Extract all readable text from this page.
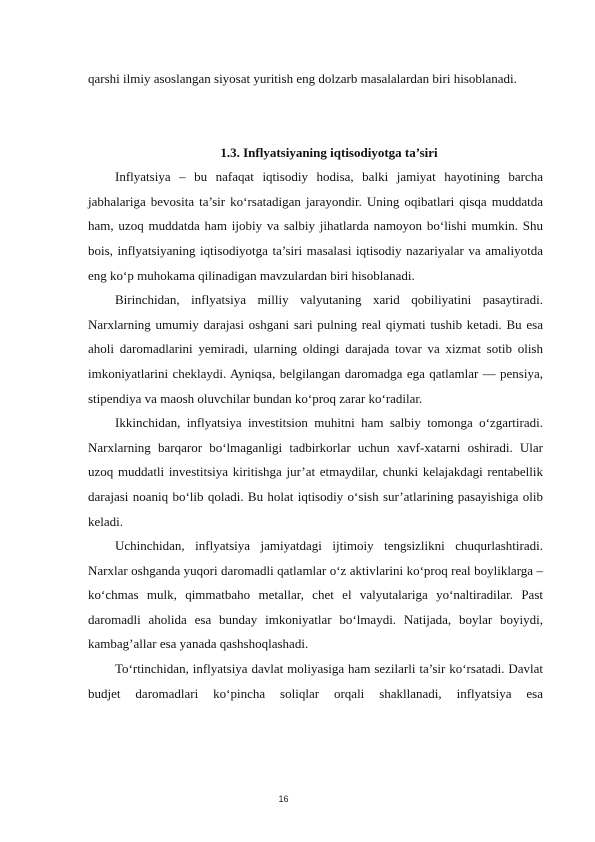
qarshi ilmiy asoslangan siyosat yuritish eng dolzarb masalalardan biri hisoblanadi.

1.3. Inflyatsiyaning iqtisodiyotga ta’siri

Inflyatsiya – bu nafaqat iqtisodiy hodisa, balki jamiyat hayotining barcha jabhalariga bevosita ta’sir ko‘rsatadigan jarayondir. Uning oqibatlari qisqa muddatda ham, uzoq muddatda ham ijobiy va salbiy jihatlarda namoyon bo‘lishi mumkin. Shu bois, inflyatsiyaning iqtisodiyotga ta’siri masalasi iqtisodiy nazariyalar va amaliyotda eng ko‘p muhokama qilinadigan mavzulardan biri hisoblanadi.

Birinchidan, inflyatsiya milliy valyutaning xarid qobiliyatini pasaytiradi. Narxlarning umumiy darajasi oshgani sari pulning real qiymati tushib ketadi. Bu esa aholi daromadlarini yemiradi, ularning oldingi darajada tovar va xizmat sotib olish imkoniyatlarini cheklaydi. Ayniqsa, belgilangan daromadga ega qatlamlar — pensiya, stipendiya va maosh oluvchilar bundan ko‘proq zarar ko‘radilar.

Ikkinchidan, inflyatsiya investitsion muhitni ham salbiy tomonga o‘zgartiradi. Narxlarning barqaror bo‘lmaganligi tadbirkorlar uchun xavf-xatarni oshiradi. Ular uzoq muddatli investitsiya kiritishga jur’at etmaydilar, chunki kelajakdagi rentabellik darajasi noaniq bo‘lib qoladi. Bu holat iqtisodiy o‘sish sur’atlarining pasayishiga olib keladi.

Uchinchidan, inflyatsiya jamiyatdagi ijtimoiy tengsizlikni chuqurlashtiradi. Narxlar oshganda yuqori daromadli qatlamlar o‘z aktivlarini ko‘proq real boyliklarga – ko‘chmas mulk, qimmatbaho metallar, chet el valyutalariga yo‘naltiradilar. Past daromadli aholida esa bunday imkoniyatlar bo‘lmaydi. Natijada, boylar boyiydi, kambag’allar esa yanada qashshoqlashadi.

To‘rtinchidan, inflyatsiya davlat moliyasiga ham sezilarli ta’sir ko‘rsatadi. Davlat budjet daromadlari ko‘pincha soliqlar orqali shakllanadi, inflyatsiya esa

16
